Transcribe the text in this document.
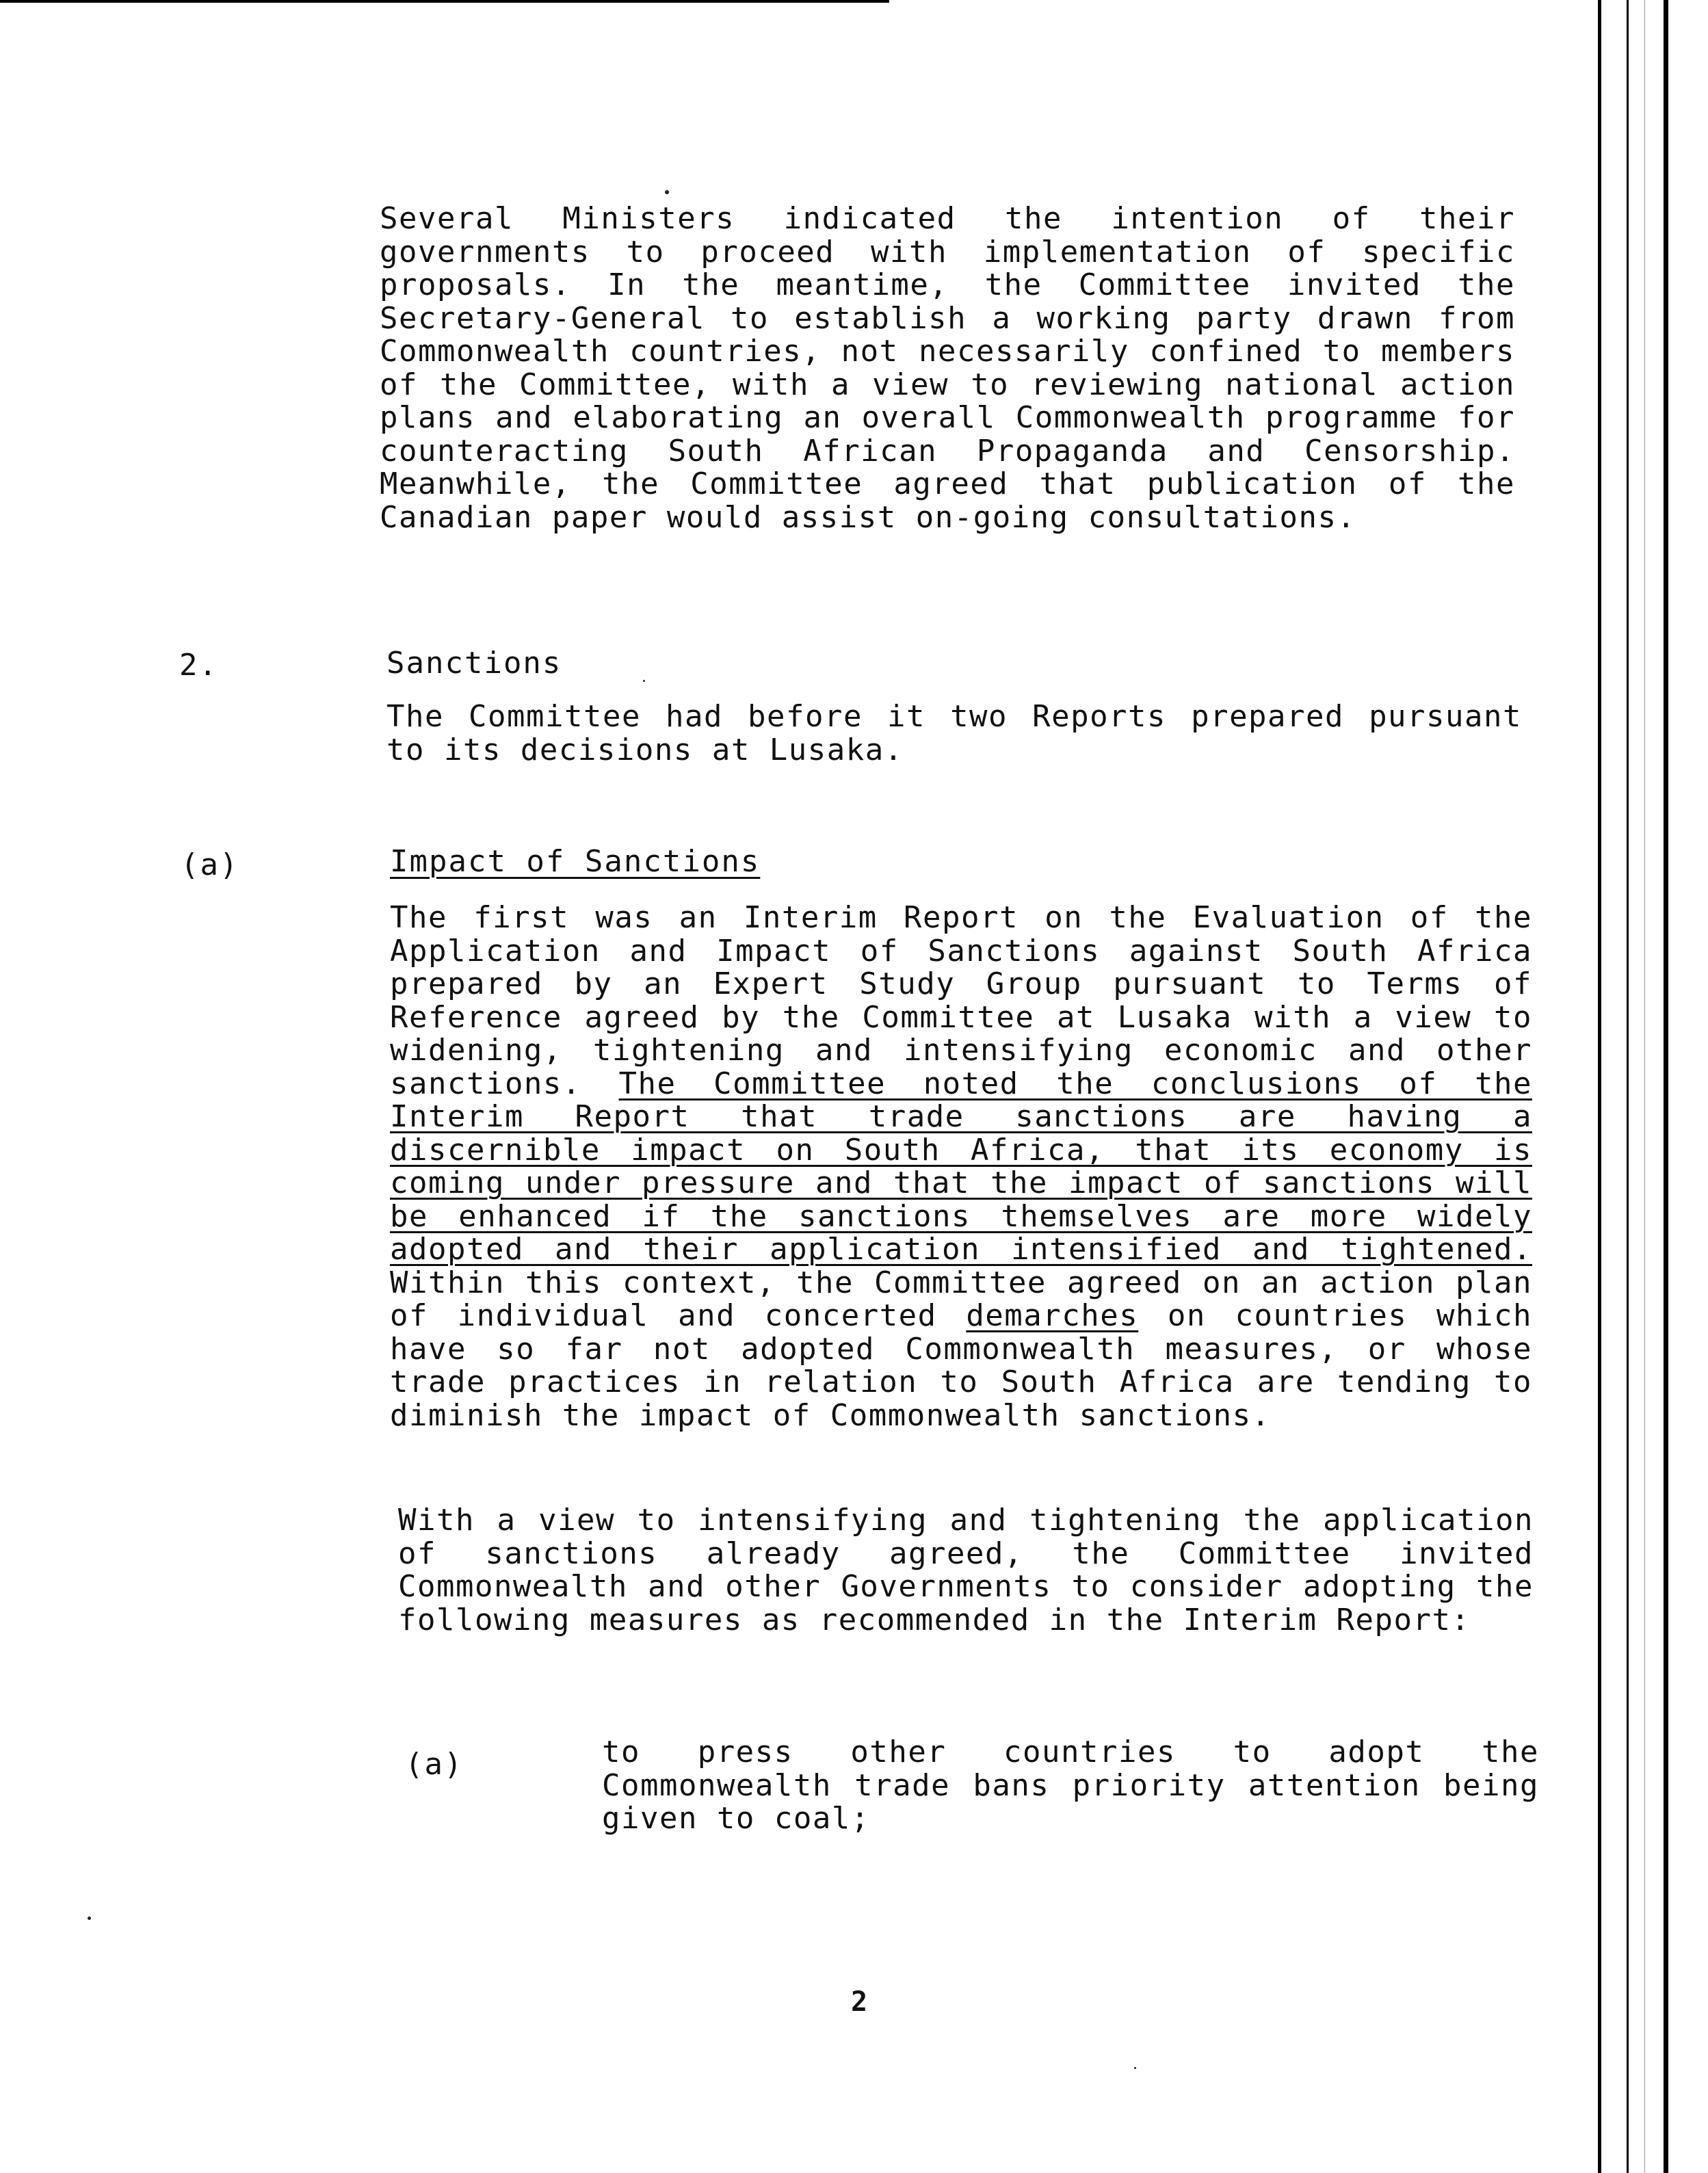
Several Ministers indicated the intention of their governments to proceed with implementation of specific proposals. In the meantime, the Committee invited the Secretary-General to establish a working party drawn from Commonwealth countries, not necessarily confined to members of the Committee, with a view to reviewing national action plans and elaborating an overall Commonwealth programme for counteracting South African Propaganda and Censorship. Meanwhile, the Committee agreed that publication of the Canadian paper would assist on-going consultations.
2.	Sanctions
The Committee had before it two Reports prepared pursuant to its decisions at Lusaka.
(a)	Impact of Sanctions
The first was an Interim Report on the Evaluation of the Application and Impact of Sanctions against South Africa prepared by an Expert Study Group pursuant to Terms of Reference agreed by the Committee at Lusaka with a view to widening, tightening and intensifying economic and other sanctions. The Committee noted the conclusions of the Interim Report that trade sanctions are having a discernible impact on South Africa, that its economy is coming under pressure and that the impact of sanctions will be enhanced if the sanctions themselves are more widely adopted and their application intensified and tightened. Within this context, the Committee agreed on an action plan of individual and concerted demarches on countries which have so far not adopted Commonwealth measures, or whose trade practices in relation to South Africa are tending to diminish the impact of Commonwealth sanctions.
With a view to intensifying and tightening the application of sanctions already agreed, the Committee invited Commonwealth and other Governments to consider adopting the following measures as recommended in the Interim Report:
(a)	to press other countries to adopt the Commonwealth trade bans priority attention being given to coal;
2
